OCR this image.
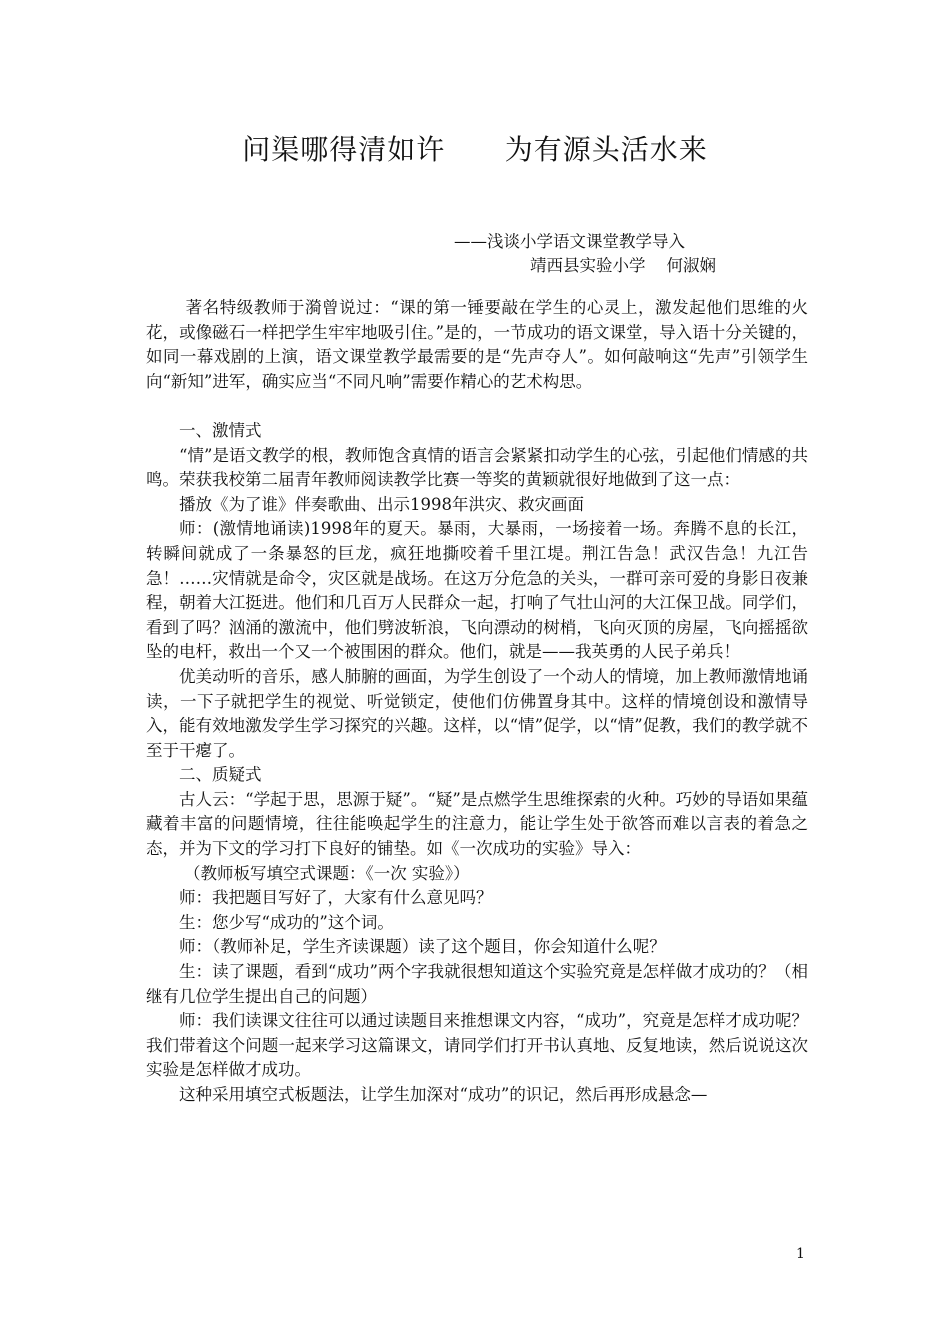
问渠哪得清如许      为有源头活水来
——浅谈小学语文课堂教学导入
靖西县实验小学    何淑娴

著名特级教师于漪曾说过：“课的第一锤要敲在学生的心灵上，激发起他们思维的火花，或像磁石一样把学生牢牢地吸引住。”是的，一节成功的语文课堂，导入语十分关键的，如同一幕戏剧的上演，语文课堂教学最需要的是“先声夺人”。如何敲响这“先声”引领学生向“新知”进军，确实应当“不同凡响”需要作精心的艺术构思。

一、激情式

“情”是语文教学的根，教师饱含真情的语言会紧紧扣动学生的心弦，引起他们情感的共鸣。荣获我校第二届青年教师阅读教学比赛一等奖的黄颖就很好地做到了这一点：

播放《为了谁》伴奏歌曲、出示1998年洪灾、救灾画面

师：(激情地诵读)1998年的夏天。暴雨，大暴雨，一场接着一场。奔腾不息的长江，转瞬间就成了一条暴怒的巨龙，疯狂地撕咬着千里江堤。荆江告急！武汉告急！九江告急！……灾情就是命令，灾区就是战场。在这万分危急的关头，一群可亲可爱的身影日夜兼程，朝着大江挺进。他们和几百万人民群众一起，打响了气壮山河的大江保卫战。同学们，看到了吗？汹涌的激流中，他们劈波斩浪，飞向漂动的树梢，飞向灭顶的房屋，飞向摇摇欲坠的电杆，救出一个又一个被围困的群众。他们，就是——我英勇的人民子弟兵！

优美动听的音乐，感人肺腑的画面，为学生创设了一个动人的情境，加上教师激情地诵读，一下子就把学生的视觉、听觉锁定，使他们仿佛置身其中。这样的情境创设和激情导入，能有效地激发学生学习探究的兴趣。这样，以“情”促学，以“情”促教，我们的教学就不至于干瘪了。

二、质疑式

古人云：“学起于思，思源于疑”。“疑”是点燃学生思维探索的火种。巧妙的导语如果蕴藏着丰富的问题情境，往往能唤起学生的注意力，能让学生处于欲答而难以言表的着急之态，并为下文的学习打下良好的铺垫。如《一次成功的实验》导入：

（教师板写填空式课题：《一次 实验》）

师：我把题目写好了，大家有什么意见吗？

生：您少写“成功的”这个词。

师：（教师补足，学生齐读课题）读了这个题目，你会知道什么呢？

生：读了课题，看到“成功”两个字我就很想知道这个实验究竟是怎样做才成功的？（相继有几位学生提出自己的问题）

师：我们读课文往往可以通过读题目来推想课文内容，“成功”，究竟是怎样才成功呢？我们带着这个问题一起来学习这篇课文，请同学们打开书认真地、反复地读，然后说说这次实验是怎样做才成功。

这种采用填空式板题法，让学生加深对“成功”的识记，然后再形成悬念—

1
